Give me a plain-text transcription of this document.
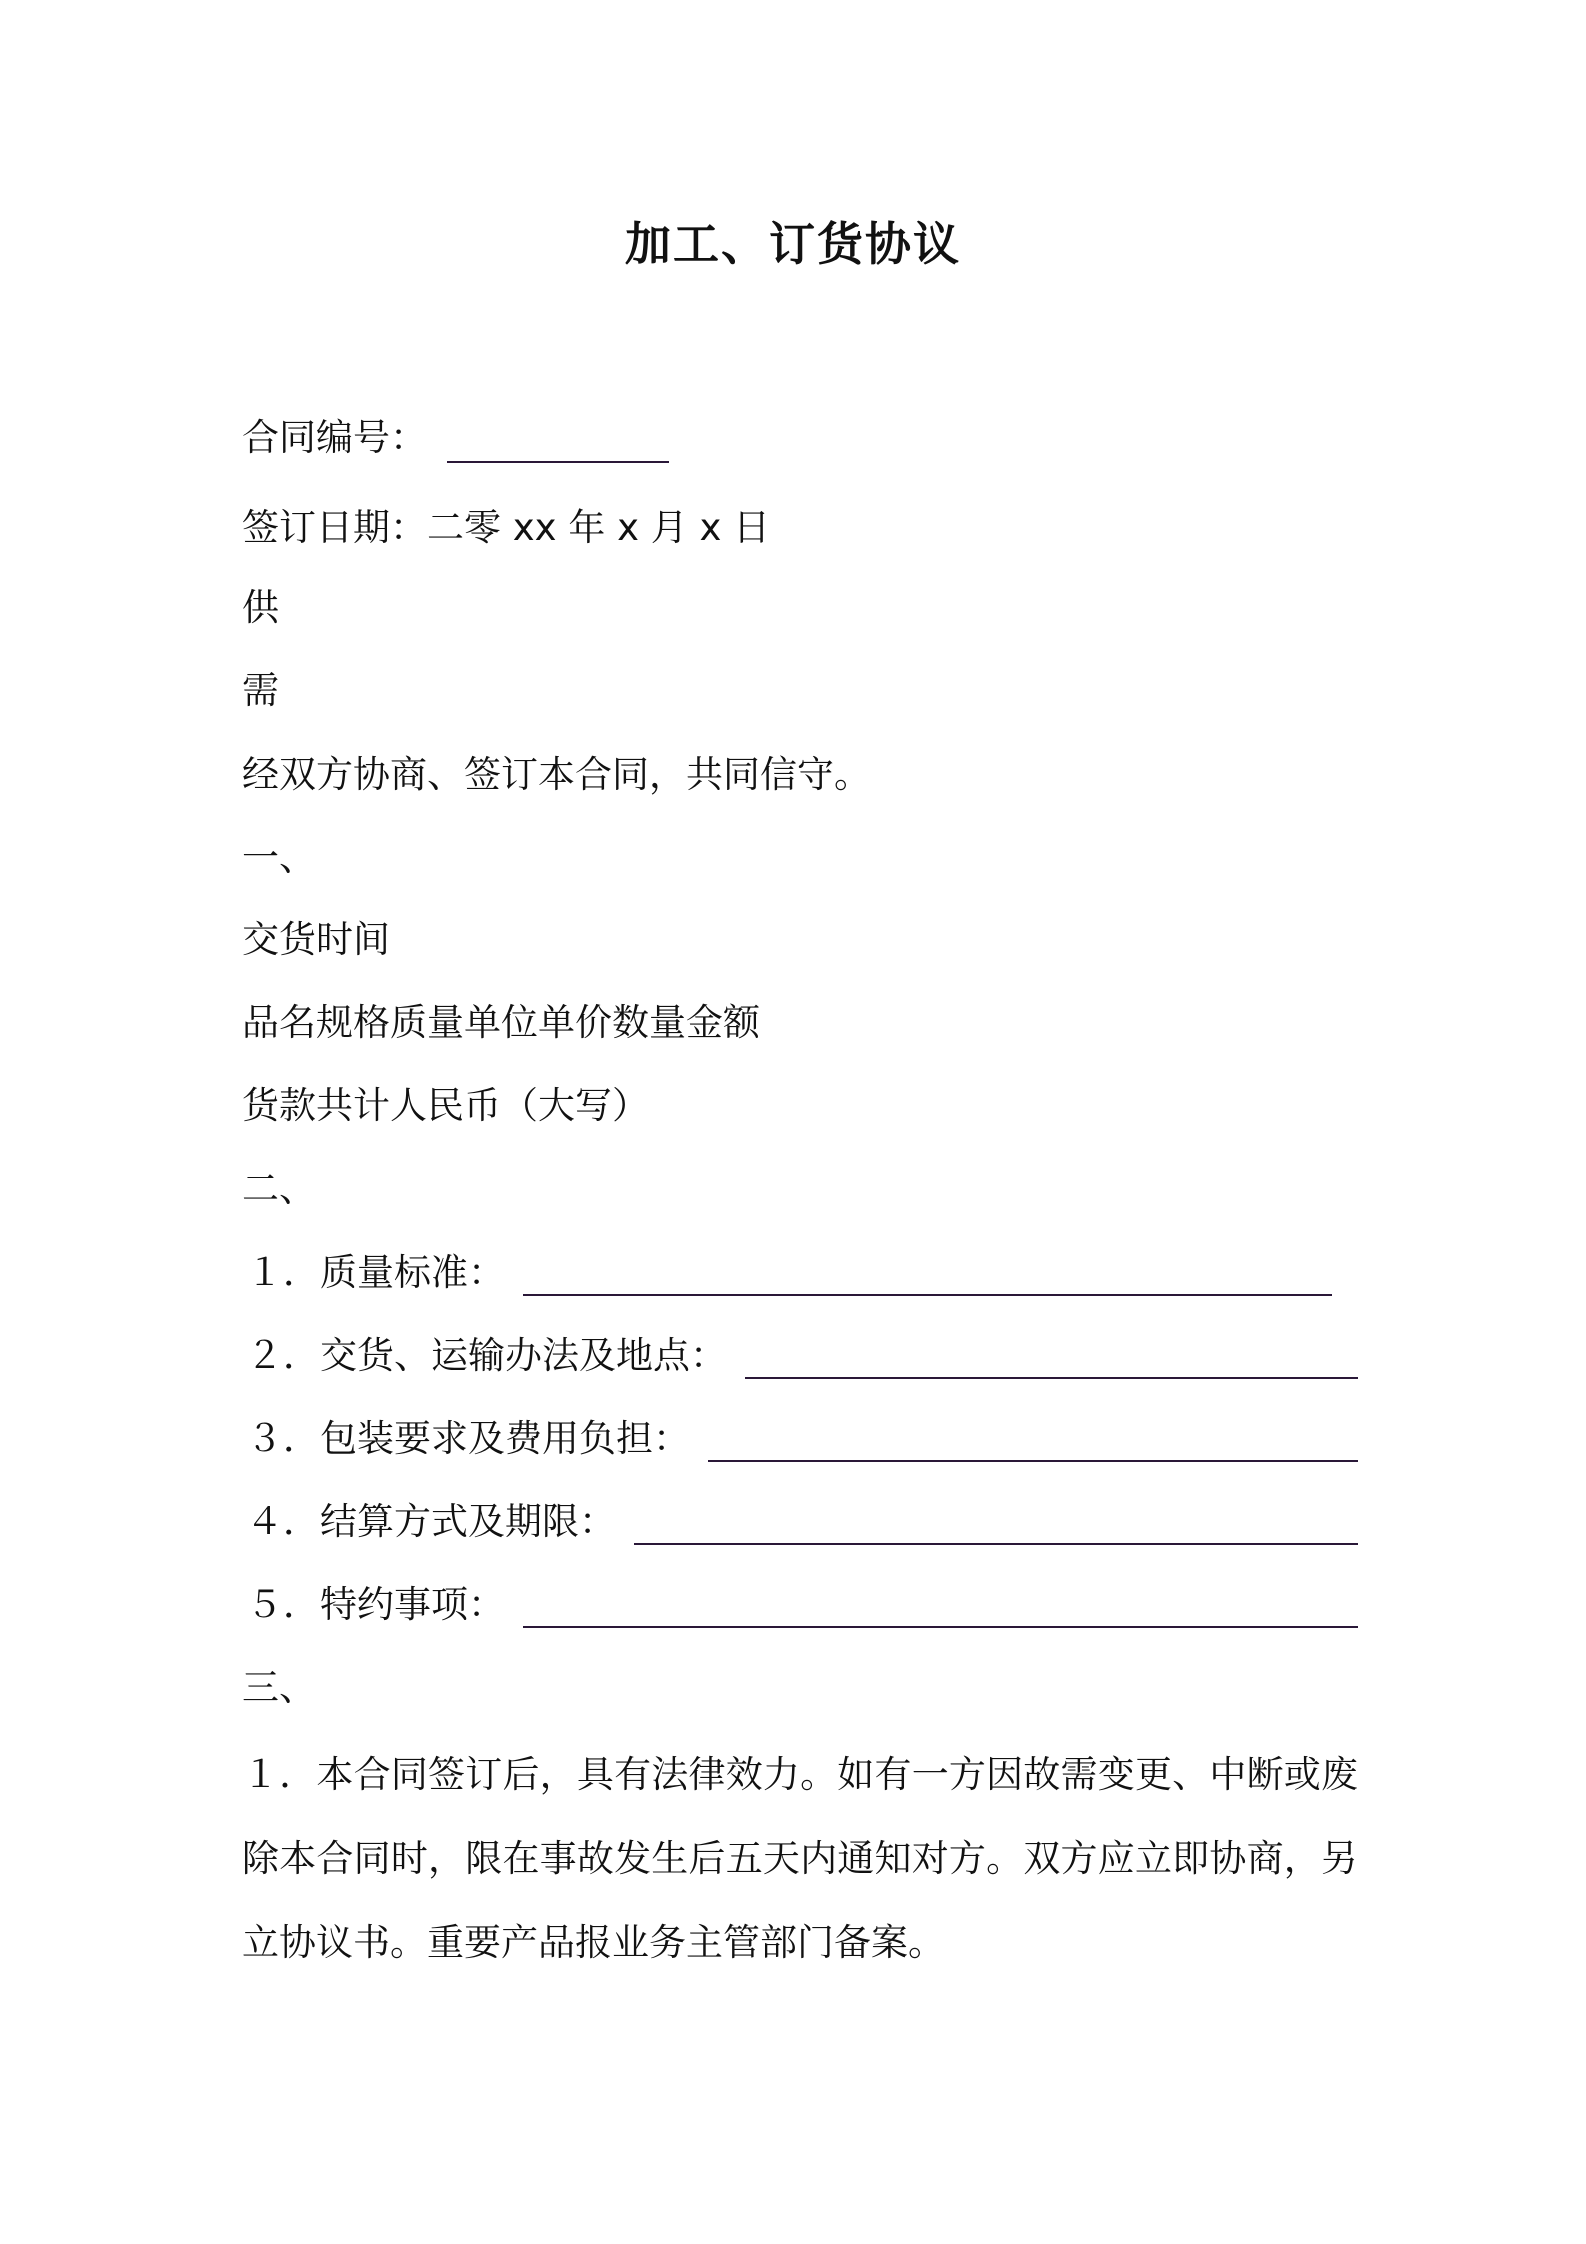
加工、订货协议
合同编号：
签订日期：二零 xx 年 x 月 x 日
供
需
经双方协商、签订本合同，共同信守。
一、
交货时间
品名规格质量单位单价数量金额
货款共计人民币（大写）
二、
１．质量标准：
２．交货、运输办法及地点：
３．包装要求及费用负担：
４．结算方式及期限：
５．特约事项：
三、
１．本合同签订后，具有法律效力。如有一方因故需变更、中断或废除本合同时，限在事故发生后五天内通知对方。双方应立即协商，另立协议书。重要产品报业务主管部门备案。
